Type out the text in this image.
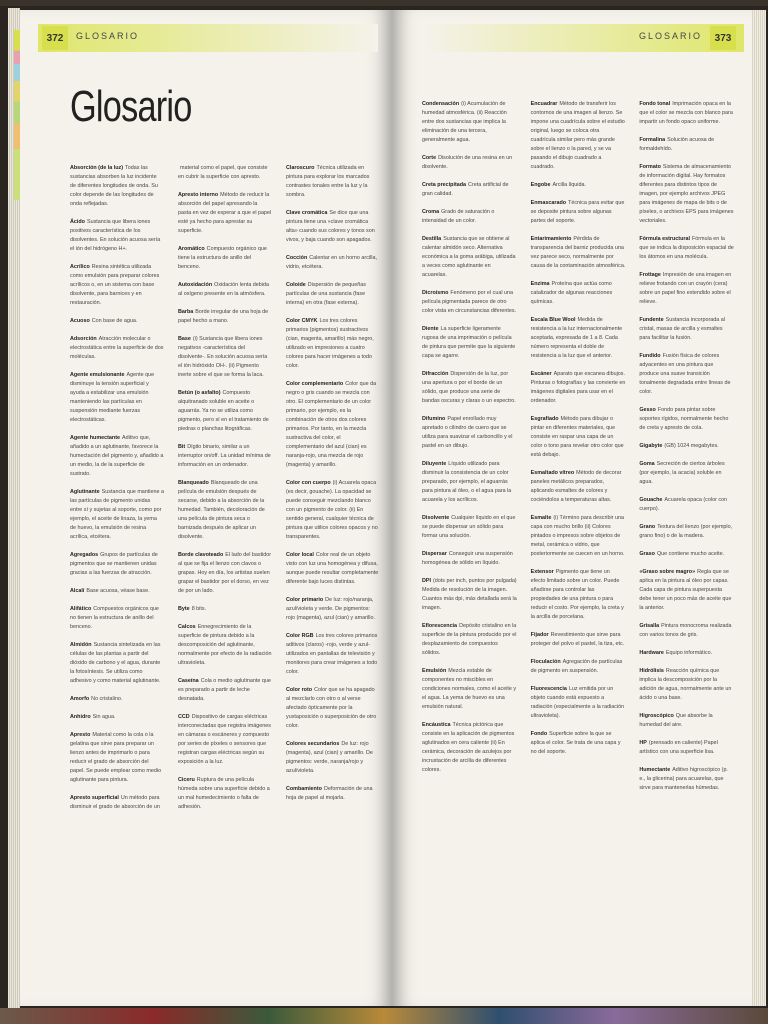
372	GLOSARIO
Glosario

Absorción (de la luz) Todas las sustancias absorben la luz incidente de diferentes longitudes de onda. Su color depende de las longitudes de onda reflejadas.

Ácido Sustancia que libera iones positivos característica de los disolventes. En solución acuosa sería el ión del hidrógeno H+.

Acrílico Resina sintética utilizada como emulsión para preparar colores acrílicos o, en un sistema con base disolvente, para barnices y en restauración.

Acuoso Con base de agua.

Adsorción Atracción molecular o electrostática entre la superficie de dos moléculas.

Agente emulsionante Agente que disminuye la tensión superficial y ayuda a estabilizar una emulsión manteniendo las partículas en suspensión mediante fuerzas electrostáticas.

Agente humectante Aditivo que, añadido a un aglutinante, favorece la humectación del pigmento y, añadido a un medio, la de la superficie de sustrato.

Aglutinante Sustancia que mantiene a las partículas de pigmento unidas entre sí y sujetas al soporte, como por ejemplo, el aceite de linaza, la yema de huevo, la emulsión de resina acrílica, etcétera.

Agregados Grupos de partículas de pigmentos que se mantienen unidas gracias a las fuerzas de atracción.

Alcalí Base acuosa, véase base.

Alifático Compuestos orgánicos que no tienen la estructura de anillo del benceno.

Almidón Sustancia sintetizada en las células de las plantas a partir del dióxido de carbono y el agua, durante la fotosíntesis. Se utiliza como adhesivo y como material aglutinante.

Amorfo No cristalino.

Anhidro Sin agua.

Apresto Material como la cola o la gelatina que sirve para preparar un lienzo antes de imprimarlo o para reducir el grado de absorción del papel. Se puede emplear como medio aglutinante para pintura.

Apresto superficial Un método para disminuir el grado de absorción de un

material como el papel, que consiste en cubrir la superficie con apresto.

Apresto interno Método de reducir la absorción del papel apresando la pasta en vez de esperar a que el papel esté ya hecho para aprestar su superficie.

Aromático Compuesto orgánico que tiene la estructura de anillo del benceno.

Autoxidación Oxidación lenta debida al oxígeno presente en la atmósfera.

Barba Borde irregular de una hoja de papel hecho a mano.

Base (i) Sustancia que libera iones negativos -característica del disolvente-. En solución acuosa sería el ión hidróxido OH-. (ii) Pigmento inerte sobre el que se forma la laca.

Betún (o asfalto) Compuesto alquitranado soluble en aceite o aguarrás. Ya no se utiliza como pigmento, pero sí en el tratamiento de piedras o planchas litográficas.

Bit Dígito binario, similar a un interruptor on/off. La unidad mínima de información en un ordenador.

Blanqueado Blanqueado de una película de emulsión después de secarse, debido a la absorción de la humedad. También, decoloración de una película de pintura seca o barnizada después de aplicar un disolvente.

Borde clavoteado El lado del bastidor al que se fija el lienzo con clavos o grapas. Hoy en día, los artistas suelen grapar el bastidor por el dorso, en vez de por un lado.

Byte 8 bits.

Calcos Ennegrecimiento de la superficie de pintura debido a la descomposición del aglutinante, normalmente por efecto de la radiación ultravioleta.

Caseína Cola o medio aglutinante que es preparado a partir de leche desnatada.

CCD Dispositivo de cargas eléctricas interconectadas que registra imágenes en cámaras o escáneres y compuesto por series de píxeles o sensores que registran cargas eléctricas según su exposición a la luz.

Ciceru Ruptura de una película húmeda sobre una superficie debido a un mal humedecimiento o falta de adhesión.

Claroscuro Técnica utilizada en pintura para explorar los marcados contrastes tonales entre la luz y la sombra.

Clave cromática Se dice que una pintura tiene una «clave cromática alta» cuando sus colores y tonos son vivos, y baja cuando son apagados.

Cocción Calentar en un horno arcilla, vidrio, etcétera.

Coloide Dispersión de pequeñas partículas de una sustancia (fase interna) en otra (fase externa).

Color CMYK Los tres colores primarios (pigmentos) sustractivos (cian, magenta, amarillo) más negro, utilizado en impresiones a cuatro colores para hacer imágenes a todo color.

Color complementario Color que da negro o gris cuando se mezcla con otro. El complementario de un color primario, por ejemplo, es la combinación de otros dos colores primarios. Por tanto, en la mezcla sustractiva del color, el complementario del azul (cian) es naranja-rojo, una mezcla de rojo (magenta) y amarillo.

Color con cuerpo (i) Acuarela opaca (es decir, gouache). La opacidad se puede conseguir mezclando blanco con un pigmento de color. (ii) En sentido general, cualquier técnica de pintura que utilice colores opacos y no transparentes.

Color local Color real de un objeto visto con luz una homogénea y difusa, aunque puede resultar completamente diferente bajo luces distintas.

Color primario De luz: rojo/naranja, azul/violeta y verde. De pigmentos: rojo (magenta), azul (cian) y amarillo.

Color RGB Los tres colores primarios aditivos (claros) -rojo, verde y azul- utilizados en pantallas de televisión y monitores para crear imágenes a todo color.

Color roto Color que se ha apagado al mezclarlo con otro o al verse afectado ópticamente por la yuxtaposición o superposición de otro color.

Colores secundarios De luz: rojo (magenta), azul (cian) y amarillo. De pigmentos: verde, naranja/rojo y azul/violeta.

Combamiento Deformación de una hoja de papel al mojarla.

GLOSARIO	373

Condensación (i) Acumulación de humedad atmosférica. (ii) Reacción entre dos sustancias que implica la eliminación de una tercera, generalmente agua.

Corte Disolución de una resina en un disolvente.

Creta precipitada Creta artificial de gran calidad.

Croma Grado de saturación o intensidad de un color.

Destilla Sustancia que se obtiene al calentar almidón seco. Alternativa económica a la goma arábiga, utilizada a veces como aglutinante en acuarelas.

Dicroísmo Fenómeno por el cual una película pigmentada parece de otro color vista en circunstancias diferentes.

Diente La superficie ligeramente rugosa de una imprimación o película de pintura que permite que la siguiente capa se agarre.

Difracción Dispersión de la luz, por una apertura o por el borde de un sólido, que produce una serie de bandas oscuras y claras o un espectro.

Difumino Papel enrollado muy apretado o cilindro de cuero que se utiliza para suavizar el carboncillo y el pastel en un dibujo.

Diluyente Líquido utilizado para disminuir la consistencia de un color preparado, por ejemplo, el aguarrás para pintura al óleo, o el agua para la acuarela y los acrílicos.

Disolvente Cualquier líquido en el que se puede dispersar un sólido para formar una solución.

Dispersar Conseguir una suspensión homogénea de sólido en líquido.

DPI (dots per inch, puntos por pulgada) Medida de resolución de la imagen. Cuantos más dpi, más detallada será la imagen.

Eflorescencia Depósito cristalino en la superficie de la pintura producido por el desplazamiento de compuestos sólidos.

Emulsión Mezcla estable de componentes no miscibles en condiciones normales, como el aceite y el agua. La yema de huevo es una emulsión natural.

Encáustica Técnica pictórica que consiste en la aplicación de pigmentos aglutinados en cera caliente (ii) En cerámica, decoración de azulejos por incrustación de arcilla de diferentes colores.

Encuadrar Método de transferir los contornos de una imagen al lienzo. Se impone una cuadrícula sobre el estudio original, luego se coloca otra cuadrícula similar pero más grande sobre el lienzo o la pared, y se va pasando el dibujo cuadrado a cuadrado.

Engobe Arcilla líquida.

Enmascarado Técnica para evitar que se deposite pintura sobre algunas partes del soporte.

Entarimamiento Pérdida de transparencia del barniz producida una vez parece seco, normalmente por causa de la contaminación atmosférica.

Enzima Proteína que actúa como catalizador de algunas reacciones químicas.

Escala Blue Wool Medida de resistencia a la luz internacionalmente aceptada, expresada de 1 a 8. Cada número representa el doble de resistencia a la luz que el anterior.

Escáner Aparato que escanea dibujos. Pinturas o fotografías y las convierte en imágenes digitales para usar en el ordenador.

Esgrafiado Método para dibujar o pintar en diferentes materiales, que consiste en raspar una capa de un color o tono para revelar otro color que está debajo.

Esmaltado vítreo Método de decorar paneles metálicos preparados, aplicando esmaltes de colores y cociéndolos a temperaturas altas.

Esmalte (i) Término para describir una capa con mucho brillo (ii) Colores pintados o impresos sobre objetos de metal, cerámica o vidrio, que posteriormente se cuecen en un horno.

Extensor Pigmento que tiene un efecto limitado sobre un color. Puede añadirse para controlar las propiedades de una pintura o para reducir el costo. Por ejemplo, la creta y la arcilla de porcelana.

Fijador Revestimiento que sirve para proteger del polvo el pastel, la tiza, etc.

Floculación Agregación de partículas de pigmento en suspensión.

Fluorescencia Luz emitida por un objeto cuando está expuesto a radiación (especialmente a la radiación ultravioleta).

Fondo Superficie sobre la que se aplica el color. Se trata de una capa y no del soporte.

Fondo tonal Imprimación opaca en la que el color se mezcla con blanco para impartir un fondo opaco uniforme.

Formalina Solución acuosa de formaldehído.

Formato Sistema de almacenamiento de información digital. Hay formatos diferentes para distintos tipos de imagen, por ejemplo archivos JPEG para imágenes de mapa de bits o de píxeles, o archivos EPS para imágenes vectoriales.

Fórmula estructural Fórmula en la que se indica la disposición espacial de los átomos en una molécula.

Frottage Impresión de una imagen en relieve frotando con un crayón (cera) sobre un papel fino extendido sobre el relieve.

Fundente Sustancia incorporada al cristal, masas de arcilla y esmaltes para facilitar la fusión.

Fundido Fusión física de colores adyacentes en una pintura que produce una suave transición tonalmente degradada entre líneas de color.

Gesso Fondo para pintar sobre soportes rígidos, normalmente hecho de creta y apresto de cola.

Gigabyte (GB) 1024 megabytes.

Goma Secreción de ciertos árboles (por ejemplo, la acacia) soluble en agua.

Gouache Acuarela opaca (color con cuerpo).

Grano Textura del lienzo (por ejemplo, grano fino) o de la madera.

Graso Que contiene mucho aceite.

«Graso sobre magro» Regla que se aplica en la pintura al óleo por capas. Cada capa de pintura superpuesta debe tener un poco más de aceite que la anterior.

Grisalla Pintura monocroma realizada con varios tonos de gris.

Hardware Equipo informático.

Hidrólisis Reacción química que implica la descomposición por la adición de agua, normalmente ante un ácido o una base.

Higroscópico Que absorbe la humedad del aire.

HP (prensado en caliente) Papel artístico con una superficie lisa.

Humectante Aditivo higroscópico (p. e., la glicerina) para acuarelas, que sirve para mantenerlas húmedas.
